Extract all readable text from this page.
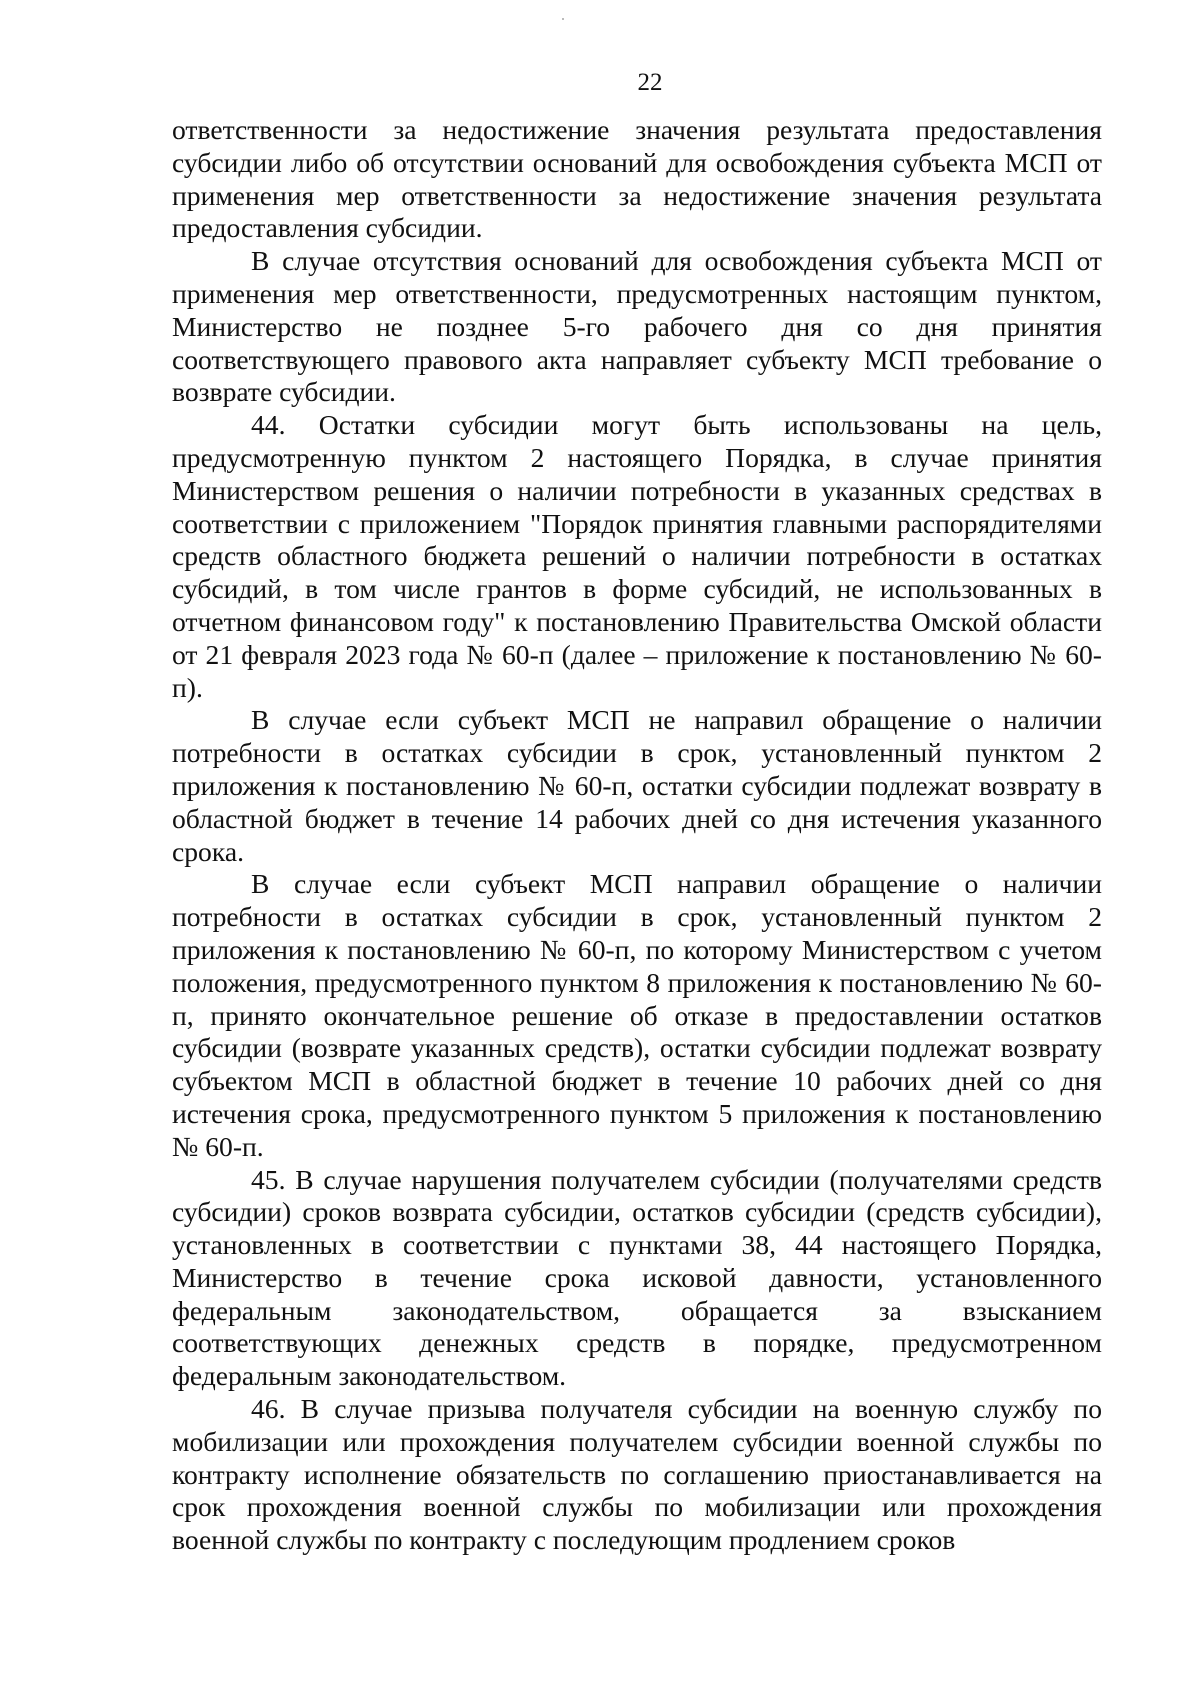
22

ответственности за недостижение значения результата предоставления субсидии либо об отсутствии оснований для освобождения субъекта МСП от применения мер ответственности за недостижение значения результата предоставления субсидии.

В случае отсутствия оснований для освобождения субъекта МСП от применения мер ответственности, предусмотренных настоящим пунктом, Министерство не позднее 5-го рабочего дня со дня принятия соответствующего правового акта направляет субъекту МСП требование о возврате субсидии.

44. Остатки субсидии могут быть использованы на цель, предусмотренную пунктом 2 настоящего Порядка, в случае принятия Министерством решения о наличии потребности в указанных средствах в соответствии с приложением "Порядок принятия главными распорядителями средств областного бюджета решений о наличии потребности в остатках субсидий, в том числе грантов в форме субсидий, не использованных в отчетном финансовом году" к постановлению Правительства Омской области от 21 февраля 2023 года № 60-п (далее – приложение к постановлению № 60-п).

В случае если субъект МСП не направил обращение о наличии потребности в остатках субсидии в срок, установленный пунктом 2 приложения к постановлению № 60-п, остатки субсидии подлежат возврату в областной бюджет в течение 14 рабочих дней со дня истечения указанного срока.

В случае если субъект МСП направил обращение о наличии потребности в остатках субсидии в срок, установленный пунктом 2 приложения к постановлению № 60-п, по которому Министерством с учетом положения, предусмотренного пунктом 8 приложения к постановлению № 60-п, принято окончательное решение об отказе в предоставлении остатков субсидии (возврате указанных средств), остатки субсидии подлежат возврату субъектом МСП в областной бюджет в течение 10 рабочих дней со дня истечения срока, предусмотренного пунктом 5 приложения к постановлению № 60-п.

45. В случае нарушения получателем субсидии (получателями средств субсидии) сроков возврата субсидии, остатков субсидии (средств субсидии), установленных в соответствии с пунктами 38, 44 настоящего Порядка, Министерство в течение срока исковой давности, установленного федеральным законодательством, обращается за взысканием соответствующих денежных средств в порядке, предусмотренном федеральным законодательством.

46. В случае призыва получателя субсидии на военную службу по мобилизации или прохождения получателем субсидии военной службы по контракту исполнение обязательств по соглашению приостанавливается на срок прохождения военной службы по мобилизации или прохождения военной службы по контракту с последующим продлением сроков
